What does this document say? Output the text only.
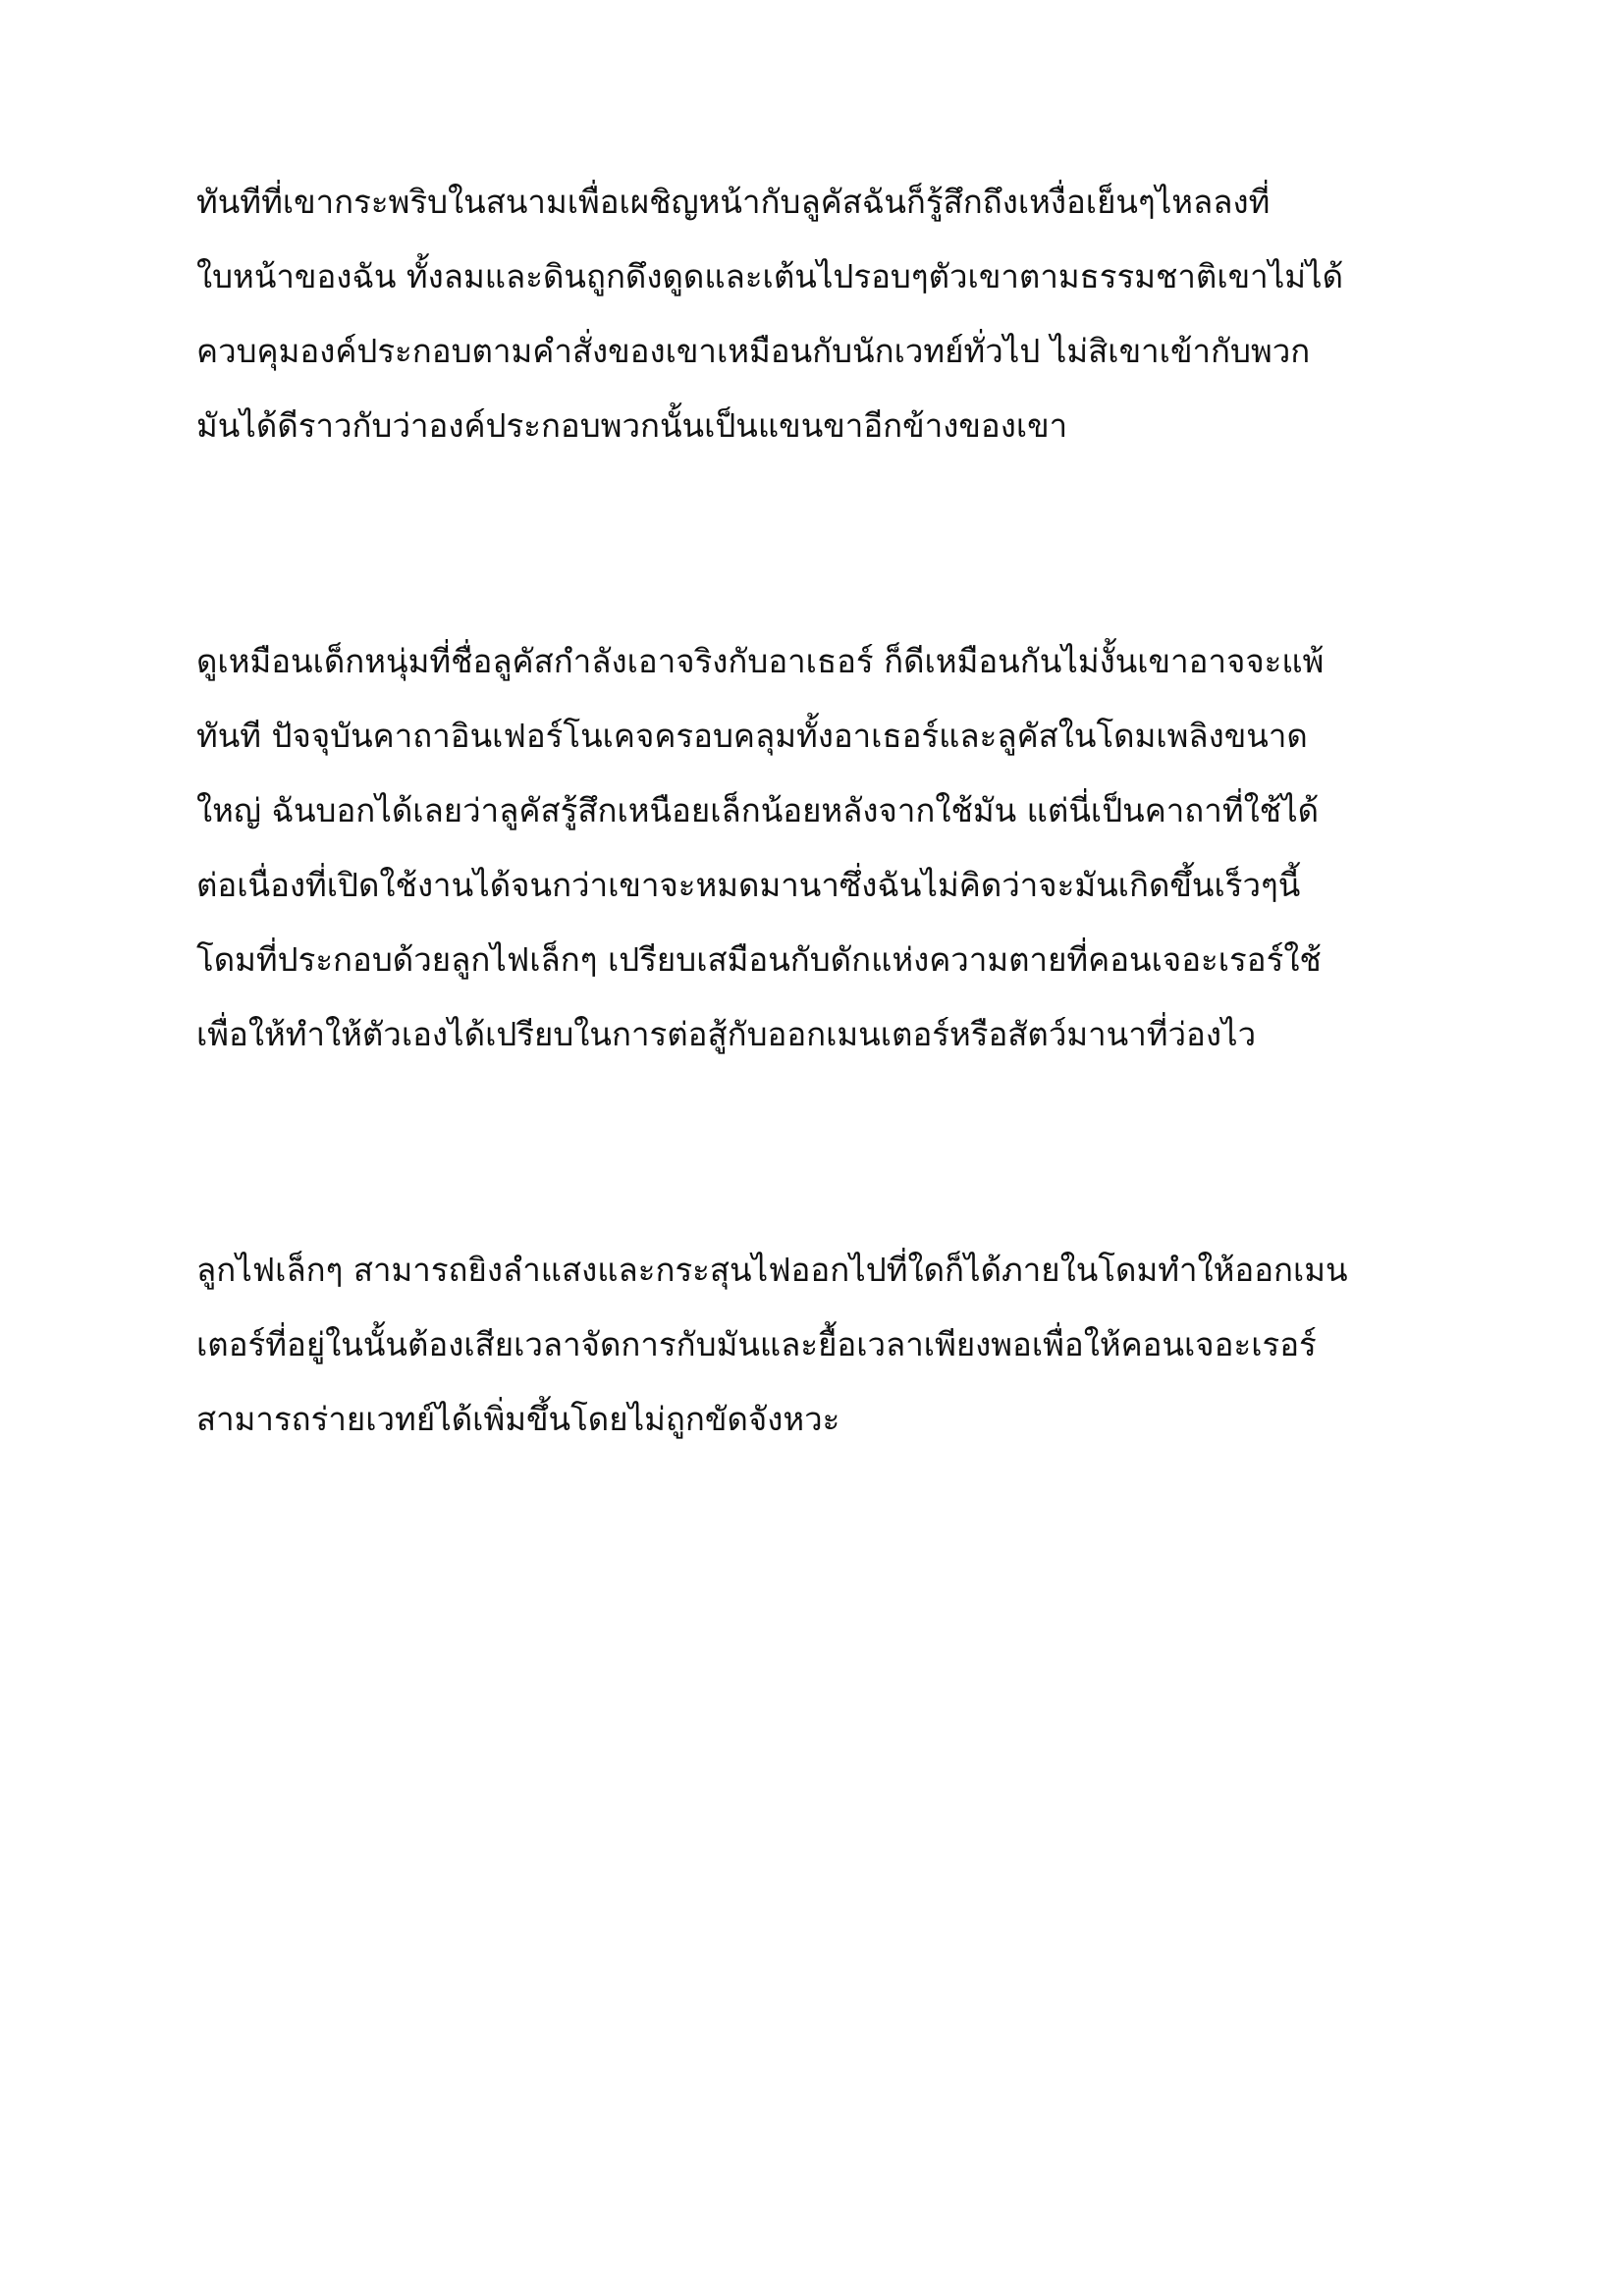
ทันทีที่เขากระพริบในสนามเพื่อเผชิญหน้ากับลูคัสฉันก็รู้สึกถึงเหงื่อเย็นๆไหลลงที่
ใบหน้าของฉัน ทั้งลมและดินถูกดึงดูดและเต้นไปรอบๆตัวเขาตามธรรมชาติเขาไม่ได้
ควบคุมองค์ประกอบตามคำสั่งของเขาเหมือนกับนักเวทย์ทั่วไป ไม่สิเขาเข้ากับพวก
มันได้ดีราวกับว่าองค์ประกอบพวกนั้นเป็นแขนขาอีกข้างของเขา
ดูเหมือนเด็กหนุ่มที่ชื่อลูคัสกำลังเอาจริงกับอาเธอร์ ก็ดีเหมือนกันไม่งั้นเขาอาจจะแพ้
ทันที ปัจจุบันคาถาอินเฟอร์โนเคจครอบคลุมทั้งอาเธอร์และลูคัสในโดมเพลิงขนาด
ใหญ่ ฉันบอกได้เลยว่าลูคัสรู้สึกเหนือยเล็กน้อยหลังจากใช้มัน แต่นี่เป็นคาถาที่ใช้ได้
ต่อเนื่องที่เปิดใช้งานได้จนกว่าเขาจะหมดมานาซึ่งฉันไม่คิดว่าจะมันเกิดขึ้นเร็วๆนี้
โดมที่ประกอบด้วยลูกไฟเล็กๆ เปรียบเสมือนกับดักแห่งความตายที่คอนเจอะเรอร์ใช้
เพื่อให้ทำให้ตัวเองได้เปรียบในการต่อสู้กับออกเมนเตอร์หรือสัตว์มานาที่ว่องไว
ลูกไฟเล็กๆ สามารถยิงลำแสงและกระสุนไฟออกไปที่ใดก็ได้ภายในโดมทำให้ออกเมน
เตอร์ที่อยู่ในนั้นต้องเสียเวลาจัดการกับมันและยื้อเวลาเพียงพอเพื่อให้คอนเจอะเรอร์
สามารถร่ายเวทย์ได้เพิ่มขึ้นโดยไม่ถูกขัดจังหวะ
